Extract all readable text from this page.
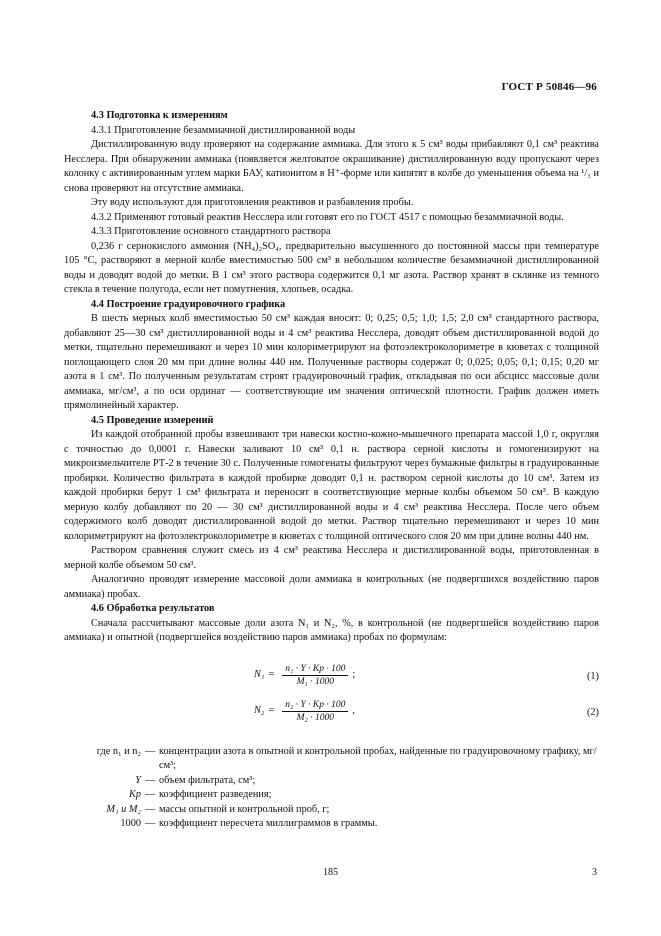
ГОСТ Р 50846—96

4.3 Подготовка к измерениям

4.3.1 Приготовление безаммиачной дистиллированной воды

Дистиллированную воду проверяют на содержание аммиака. Для этого к 5 см³ воды прибавляют 0,1 см³ реактива Несслера. При обнаружении аммиака (появляется желтоватое окрашивание) дистиллированную воду пропускают через колонку с активированным углем марки БАУ, катионитом в Н⁺-форме или кипятят в колбе до уменьшения объема на ¹/₃ и снова проверяют на отсутствие аммиака.

Эту воду используют для приготовления реактивов и разбавления пробы.

4.3.2 Применяют готовый реактив Несслера или готовят его по ГОСТ 4517 с помощью безаммиачной воды.

4.3.3 Приготовление основного стандартного раствора

0,236 г сернокислого аммония (NH₄)₂SO₄, предварительно высушенного до постоянной массы при температуре 105 °С, растворяют в мерной колбе вместимостью 500 см³ в небольшом количестве безаммиачной дистиллированной воды и доводят водой до метки. В 1 см³ этого раствора содержится 0,1 мг азота. Раствор хранят в склянке из темного стекла в течение полугода, если нет помутнения, хлопьев, осадка.

4.4 Построение градуировочного графика

В шесть мерных колб вместимостью 50 см³ каждая вносят: 0; 0,25; 0,5; 1,0; 1,5; 2,0 см³ стандартного раствора, добавляют 25—30 см³ дистиллированной воды и 4 см³ реактива Несслера, доводят объем дистиллированной водой до метки, тщательно перемешивают и через 10 мин колориметрируют на фотоэлектроколориметре в кюветах с толщиной поглощающего слоя 20 мм при длине волны 440 нм. Полученные растворы содержат 0; 0,025; 0,05; 0,1; 0,15; 0,20 мг азота в 1 см³. По полученным результатам строят градуировочный график, откладывая по оси абсцисс массовые доли аммиака, мг/см³, а по оси ординат — соответствующие им значения оптической плотности. График должен иметь прямолинейный характер.

4.5 Проведение измерений

Из каждой отобранной пробы взвешивают три навески костно-кожно-мышечного препарата массой 1,0 г, округляя с точностью до 0,0001 г. Навески заливают 10 см³ 0,1 н. раствора серной кислоты и гомогенизируют на микроизмельчителе РТ-2 в течение 30 с. Полученные гомогенаты фильтруют через бумажные фильтры в градуированные пробирки. Количество фильтрата в каждой пробирке доводят 0,1 н. раствором серной кислоты до 10 см³. Затем из каждой пробирки берут 1 см³ фильтрата и переносят в соответствующие мерные колбы объемом 50 см³. В каждую мерную колбу добавляют по 20 — 30 см³ дистиллированной воды и 4 см³ реактива Несслера. После чего объем содержимого колб доводят дистиллированной водой до метки. Раствор тщательно перемешивают и через 10 мин колориметрируют на фотоэлектроколориметре в кюветах с толщиной оптического слоя 20 мм при длине волны 440 нм.

Раствором сравнения служит смесь из 4 см³ реактива Несслера и дистиллированной воды, приготовленная в мерной колбе объемом 50 см³.

Аналогично проводят измерение массовой доли аммиака в контрольных (не подвергшихся воздействию паров аммиака) пробах.

4.6 Обработка результатов

Сначала рассчитывают массовые доли азота N₁ и N₂, %, в контрольной (не подвергшейся воздействию паров аммиака) и опытной (подвергшейся воздействию паров аммиака) пробах по формулам:

$N_1 = \frac{\text{n₁ · Y · Kр · 100}}{\text{M₁ · 1000}}$ ;	(1)
$N_2 = \frac{\text{n₂ · Y · Kр · 100}}{\text{M₂ · 1000}}$ ,	(2)
где n₁ и n₂ — концентрации азота в опытной и контрольной пробах, найденные по градуировочному графику, мг/см³;
Y — объем фильтрата, см³;
Kр — коэффициент разведения;
M₁ и M₂ — массы опытной и контрольной проб, г;
1000 — коэффициент пересчета миллиграммов в граммы.
185	3
